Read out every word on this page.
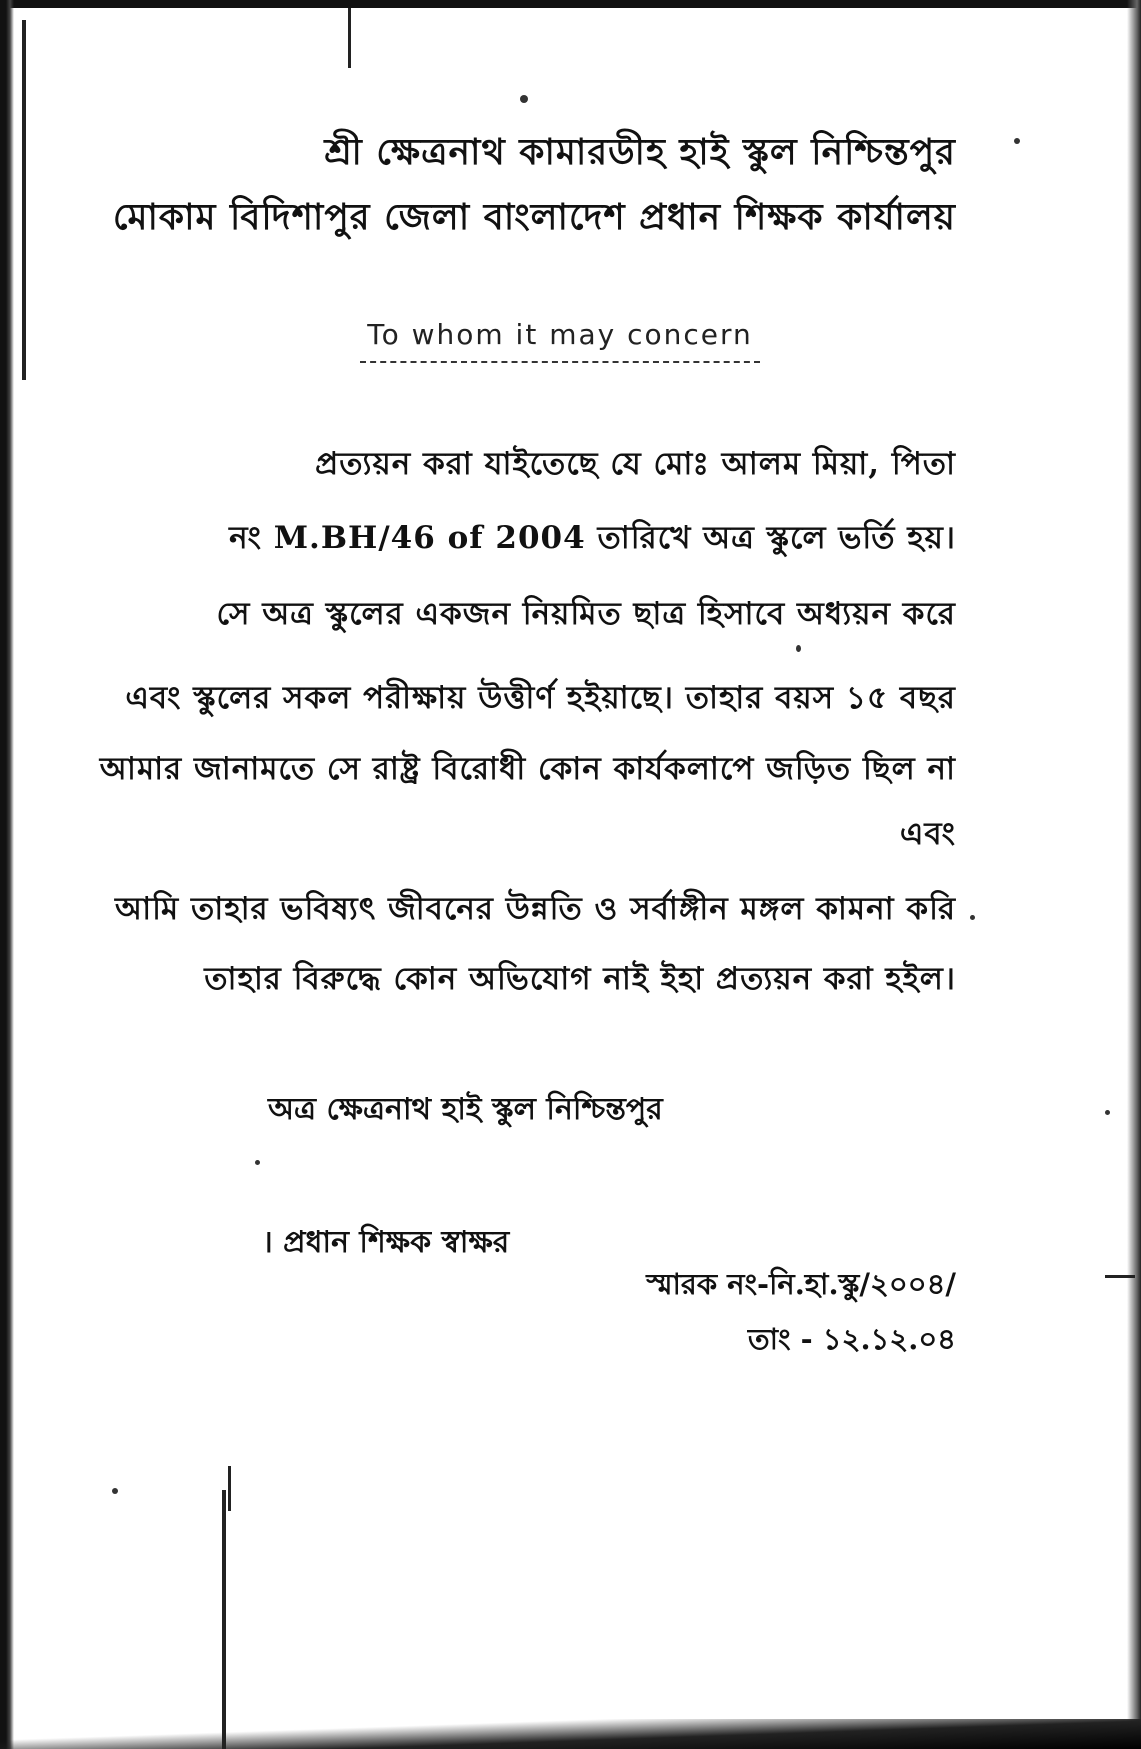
শ্রী ক্ষেত্রনাথ কামারডীহ হাই স্কুল নিশ্চিন্তপুর
মোকাম বিদিশাপুর জেলা বাংলাদেশ প্রধান শিক্ষক কার্যালয়
To whom it may concern
প্রত্যয়ন করা যাইতেছে যে মোঃ আলম মিয়া, পিতা
নং M.BH/46 of 2004 তারিখে অত্র স্কুলে ভর্তি হয়।
সে অত্র স্কুলের একজন নিয়মিত ছাত্র হিসাবে অধ্যয়ন করে
এবং স্কুলের সকল পরীক্ষায় উত্তীর্ণ হইয়াছে। তাহার বয়স ১৫ বছর
আমার জানামতে সে রাষ্ট্র বিরোধী কোন কার্যকলাপে জড়িত ছিল না
এবং
আমি তাহার ভবিষ্যৎ জীবনের উন্নতি ও সর্বাঙ্গীন মঙ্গল কামনা করি
তাহার বিরুদ্ধে কোন অভিযোগ নাই ইহা প্রত্যয়ন করা হইল।
অত্র ক্ষেত্রনাথ হাই স্কুল নিশ্চিন্তপুর
। প্রধান শিক্ষক স্বাক্ষর
স্মারক নং-নি.হা.স্কু/২০০৪/
তাং - ১২.১২.০৪
